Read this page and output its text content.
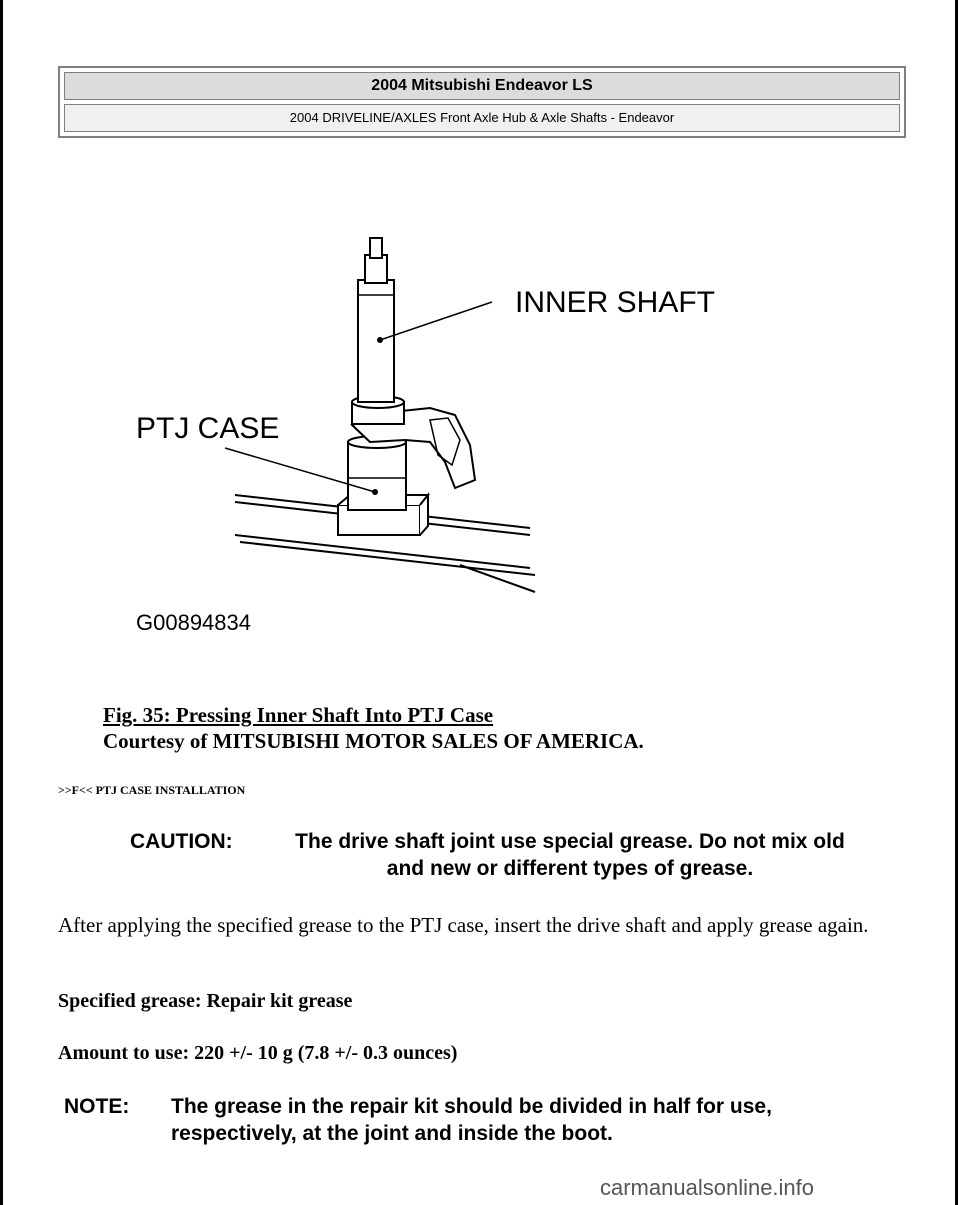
2004 Mitsubishi Endeavor LS
2004 DRIVELINE/AXLES Front Axle Hub & Axle Shafts - Endeavor
INNER SHAFT
PTJ CASE
G00894834
Fig. 35: Pressing Inner Shaft Into PTJ Case
Courtesy of MITSUBISHI MOTOR SALES OF AMERICA.
>>F<< PTJ CASE INSTALLATION
CAUTION:	The drive shaft joint use special grease. Do not mix old and new or different types of grease.
After applying the specified grease to the PTJ case, insert the drive shaft and apply grease again.
Specified grease: Repair kit grease
Amount to use: 220 +/- 10 g (7.8 +/- 0.3 ounces)
NOTE: The grease in the repair kit should be divided in half for use, respectively, at the joint and inside the boot.
carmanualsonline.info
